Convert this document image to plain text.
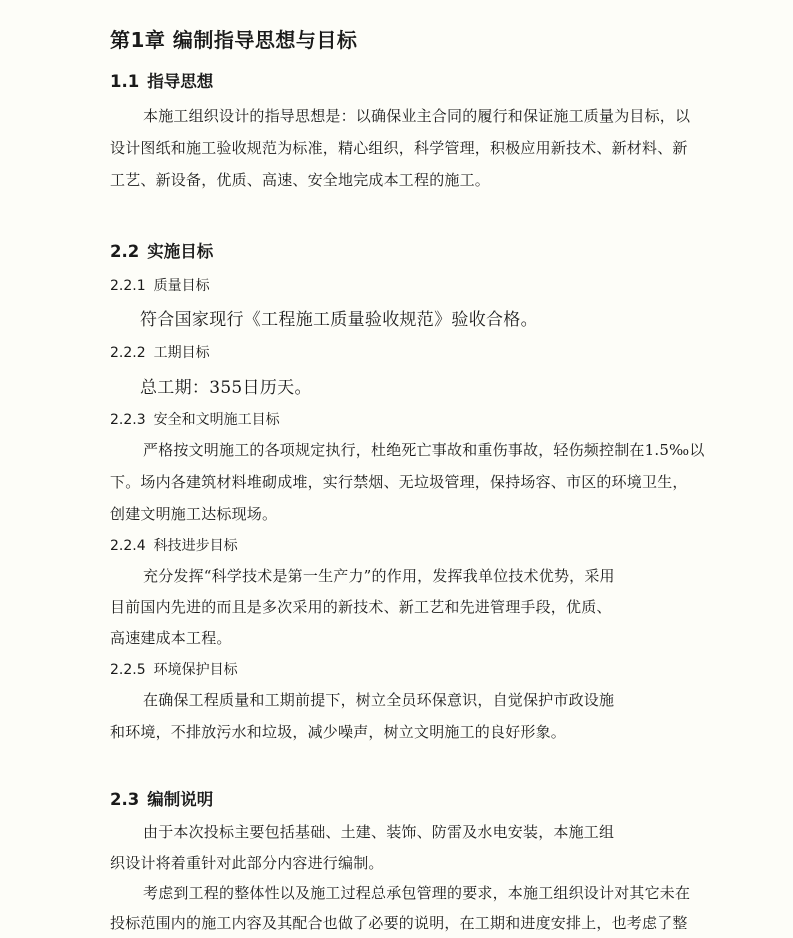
第1章 编制指导思想与目标
1.1 指导思想
本施工组织设计的指导思想是：以确保业主合同的履行和保证施工质量为目标，以
设计图纸和施工验收规范为标准，精心组织，科学管理，积极应用新技术、新材料、新
工艺、新设备，优质、高速、安全地完成本工程的施工。
2.2 实施目标
2.2.1 质量目标
符合国家现行《工程施工质量验收规范》验收合格。
2.2.2 工期目标
总工期：355日历天。
2.2.3 安全和文明施工目标
严格按文明施工的各项规定执行，杜绝死亡事故和重伤事故，轻伤频控制在1.5‰以
下。场内各建筑材料堆砌成堆，实行禁烟、无垃圾管理，保持场容、市区的环境卫生，
创建文明施工达标现场。
2.2.4 科技进步目标
充分发挥“科学技术是第一生产力”的作用，发挥我单位技术优势，采用
目前国内先进的而且是多次采用的新技术、新工艺和先进管理手段，优质、
高速建成本工程。
2.2.5 环境保护目标
在确保工程质量和工期前提下，树立全员环保意识，自觉保护市政设施
和环境，不排放污水和垃圾，减少噪声，树立文明施工的良好形象。
2.3 编制说明
由于本次投标主要包括基础、土建、装饰、防雷及水电安装，本施工组
织设计将着重针对此部分内容进行编制。
考虑到工程的整体性以及施工过程总承包管理的要求，本施工组织设计对其它未在
投标范围内的施工内容及其配合也做了必要的说明，在工期和进度安排上，也考虑了整
